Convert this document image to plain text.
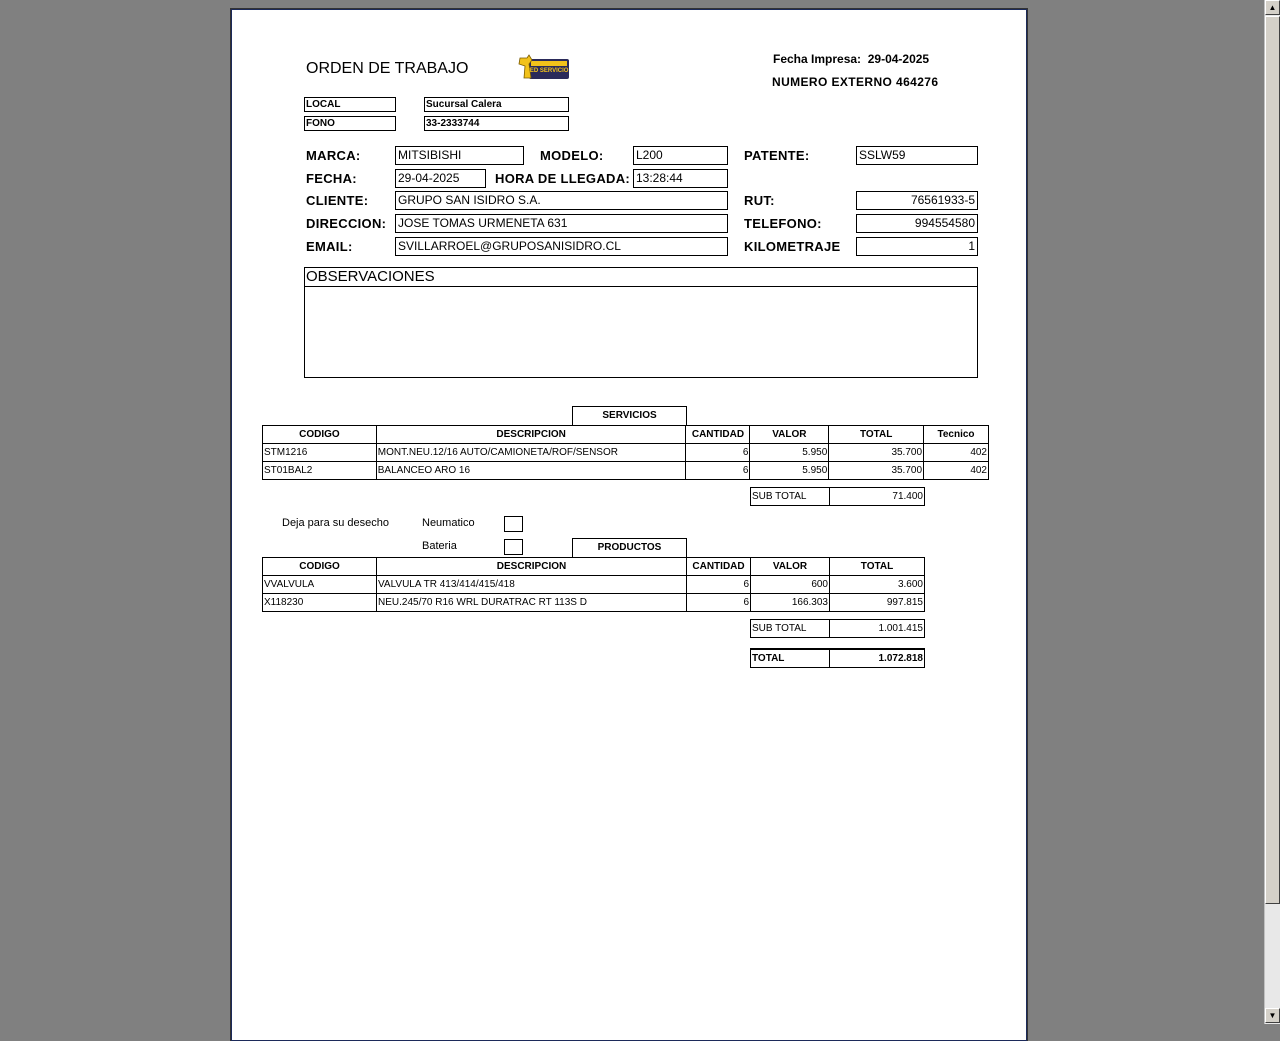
ORDEN DE TRABAJO	RED SERVICIO
Fecha Impresa: 29-04-2025
NUMERO EXTERNO 464276
LOCAL	Sucursal Calera
FONO	33-2333744
MARCA:	MITSIBISHI	MODELO:	L200	PATENTE:	SSLW59
FECHA:	29-04-2025	HORA DE LLEGADA: 13:28:44
CLIENTE: GRUPO SAN ISIDRO S.A.	RUT:	76561933-5
DIRECCION: JOSE TOMAS URMENETA 631	TELEFONO:	994554580
EMAIL:	SVILLARROEL@GRUPOSANISIDRO.CL	KILOMETRAJE	1
OBSERVACIONES
SERVICIOS
CODIGO	DESCRIPCION	CANTIDAD	VALOR	TOTAL	Tecnico
STM1216	MONT.NEU.12/16 AUTO/CAMIONETA/ROF/SENSOR	6	5.950	35.700	402
ST01BAL2	BALANCEO ARO 16	6	5.950	35.700	402
SUB TOTAL	71.400
Deja para su desecho	Neumatico
Bateria	PRODUCTOS
CODIGO	DESCRIPCION	CANTIDAD	VALOR	TOTAL
VVALVULA	VALVULA TR 413/414/415/418	6	600	3.600
X118230	NEU.245/70 R16 WRL DURATRAC RT 113S D	6	166.303	997.815
SUB TOTAL	1.001.415
TOTAL	1.072.818
▲
▼
